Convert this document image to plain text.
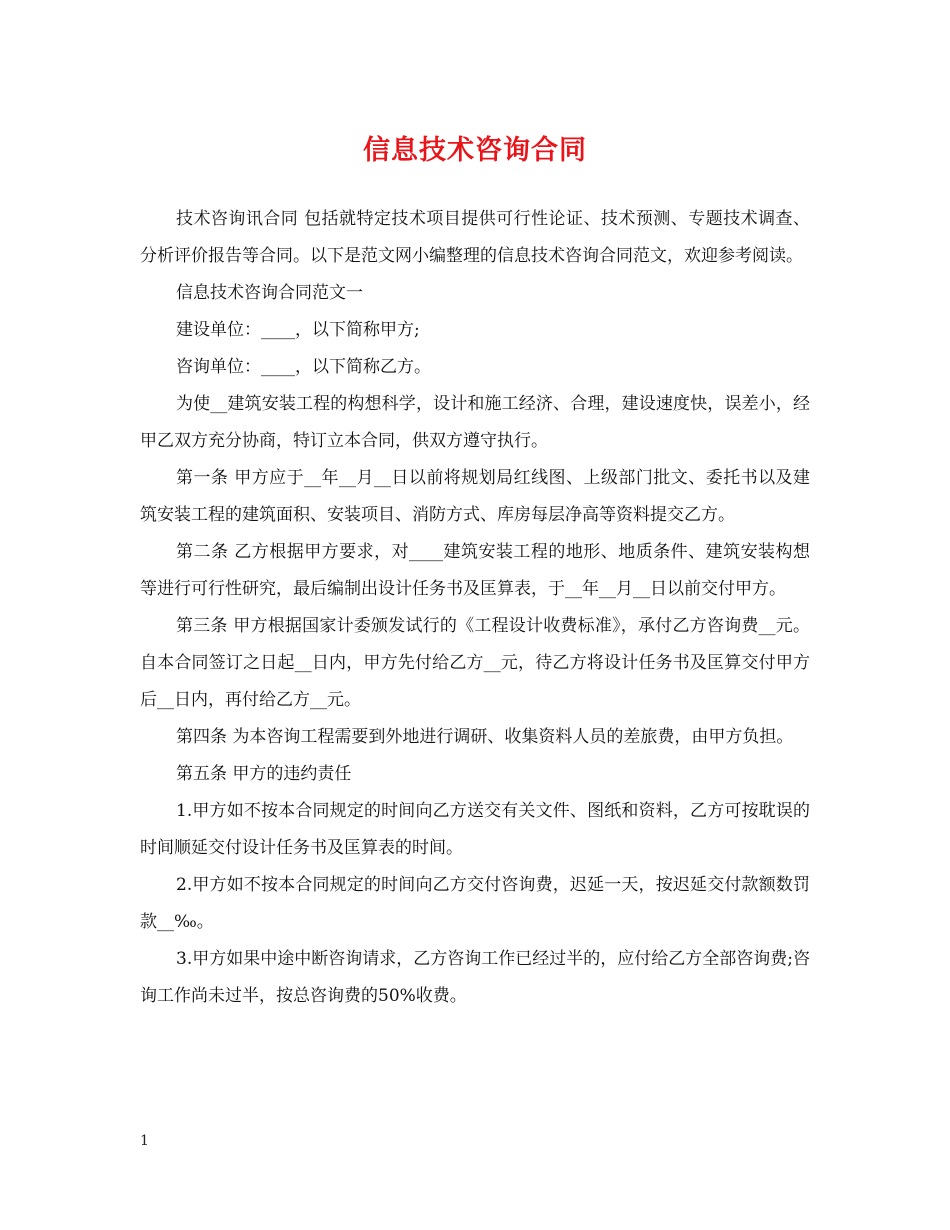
信息技术咨询合同

技术咨询讯合同 包括就特定技术项目提供可行性论证、技术预测、专题技术调查、分析评价报告等合同。以下是范文网小编整理的信息技术咨询合同范文，欢迎参考阅读。

信息技术咨询合同范文一

建设单位：____，以下简称甲方;

咨询单位：____，以下简称乙方。

为使__建筑安装工程的构想科学，设计和施工经济、合理，建设速度快，误差小，经甲乙双方充分协商，特订立本合同，供双方遵守执行。

第一条 甲方应于__年__月__日以前将规划局红线图、上级部门批文、委托书以及建筑安装工程的建筑面积、安装项目、消防方式、库房每层净高等资料提交乙方。

第二条 乙方根据甲方要求，对____建筑安装工程的地形、地质条件、建筑安装构想等进行可行性研究，最后编制出设计任务书及匡算表，于__年__月__日以前交付甲方。

第三条 甲方根据国家计委颁发试行的《工程设计收费标准》，承付乙方咨询费__元。自本合同签订之日起__日内，甲方先付给乙方__元，待乙方将设计任务书及匡算交付甲方后__日内，再付给乙方__元。

第四条 为本咨询工程需要到外地进行调研、收集资料人员的差旅费，由甲方负担。

第五条 甲方的违约责任

1.甲方如不按本合同规定的时间向乙方送交有关文件、图纸和资料，乙方可按耽误的时间顺延交付设计任务书及匡算表的时间。

2.甲方如不按本合同规定的时间向乙方交付咨询费，迟延一天，按迟延交付款额数罚款__‰。

3.甲方如果中途中断咨询请求，乙方咨询工作已经过半的，应付给乙方全部咨询费;咨询工作尚未过半，按总咨询费的50%收费。

1
